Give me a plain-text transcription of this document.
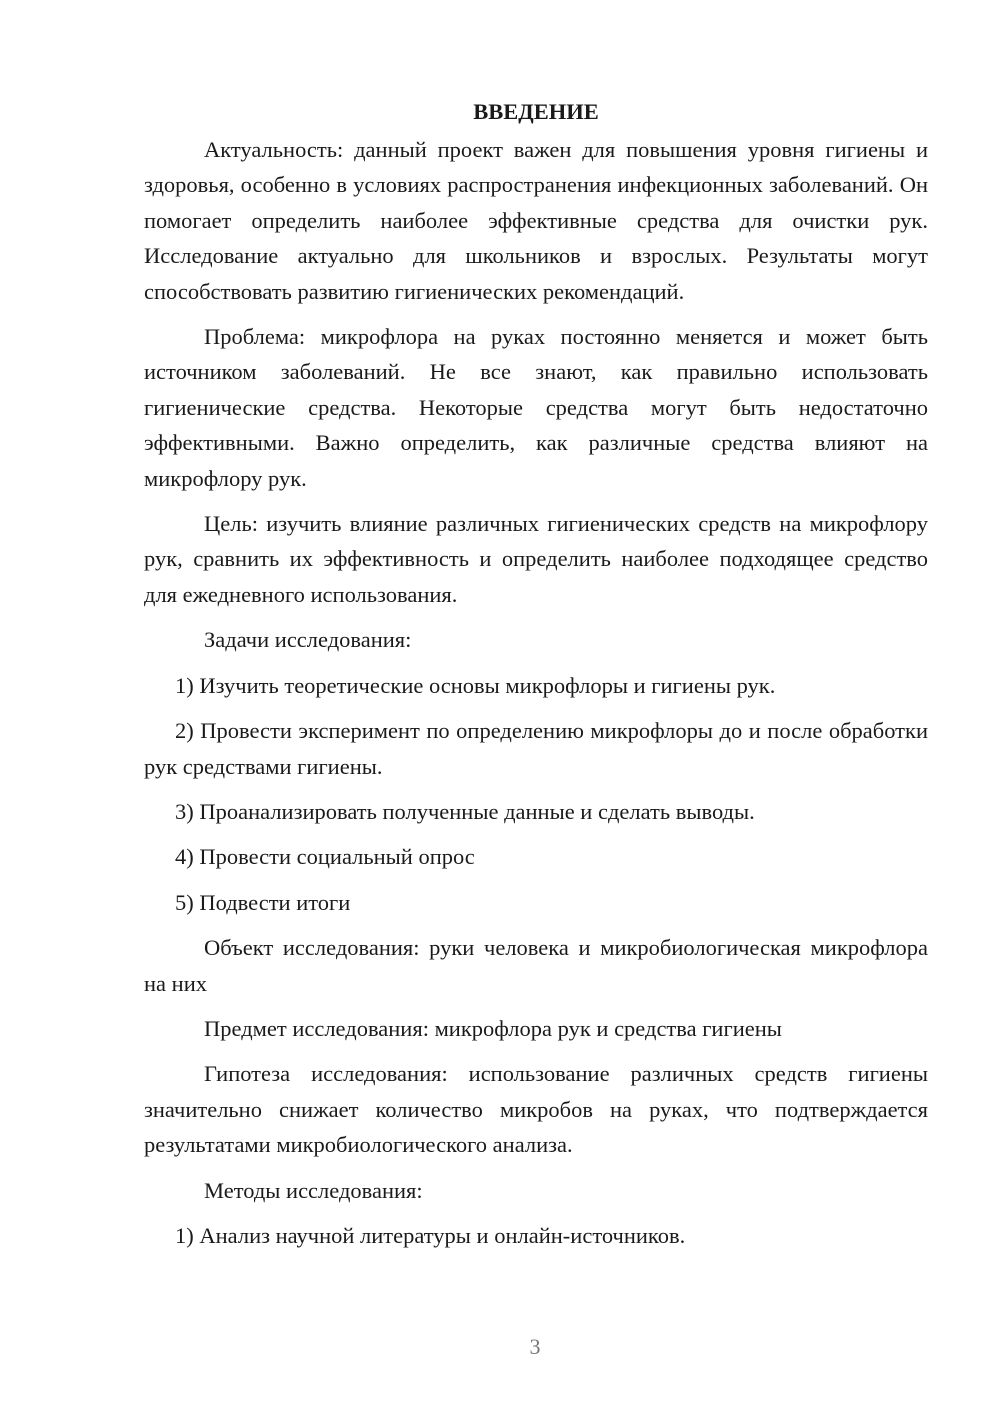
ВВЕДЕНИЕ

Актуальность: данный проект важен для повышения уровня гигиены и здоровья, особенно в условиях распространения инфекционных заболеваний. Он помогает определить наиболее эффективные средства для очистки рук. Исследование актуально для школьников и взрослых. Результаты могут способствовать развитию гигиенических рекомендаций.

Проблема: микрофлора на руках постоянно меняется и может быть источником заболеваний. Не все знают, как правильно использовать гигиенические средства. Некоторые средства могут быть недостаточно эффективными. Важно определить, как различные средства влияют на микрофлору рук.

Цель: изучить влияние различных гигиенических средств на микрофлору рук, сравнить их эффективность и определить наиболее подходящее средство для ежедневного использования.

Задачи исследования:

1) Изучить теоретические основы микрофлоры и гигиены рук.

2) Провести эксперимент по определению микрофлоры до и после обработки рук средствами гигиены.

3) Проанализировать полученные данные и сделать выводы.

4) Провести социальный опрос

5) Подвести итоги

Объект исследования: руки человека и микробиологическая микрофлора на них

Предмет исследования: микрофлора рук и средства гигиены

Гипотеза исследования: использование различных средств гигиены значительно снижает количество микробов на руках, что подтверждается результатами микробиологического анализа.

Методы исследования:

1) Анализ научной литературы и онлайн-источников.

3
